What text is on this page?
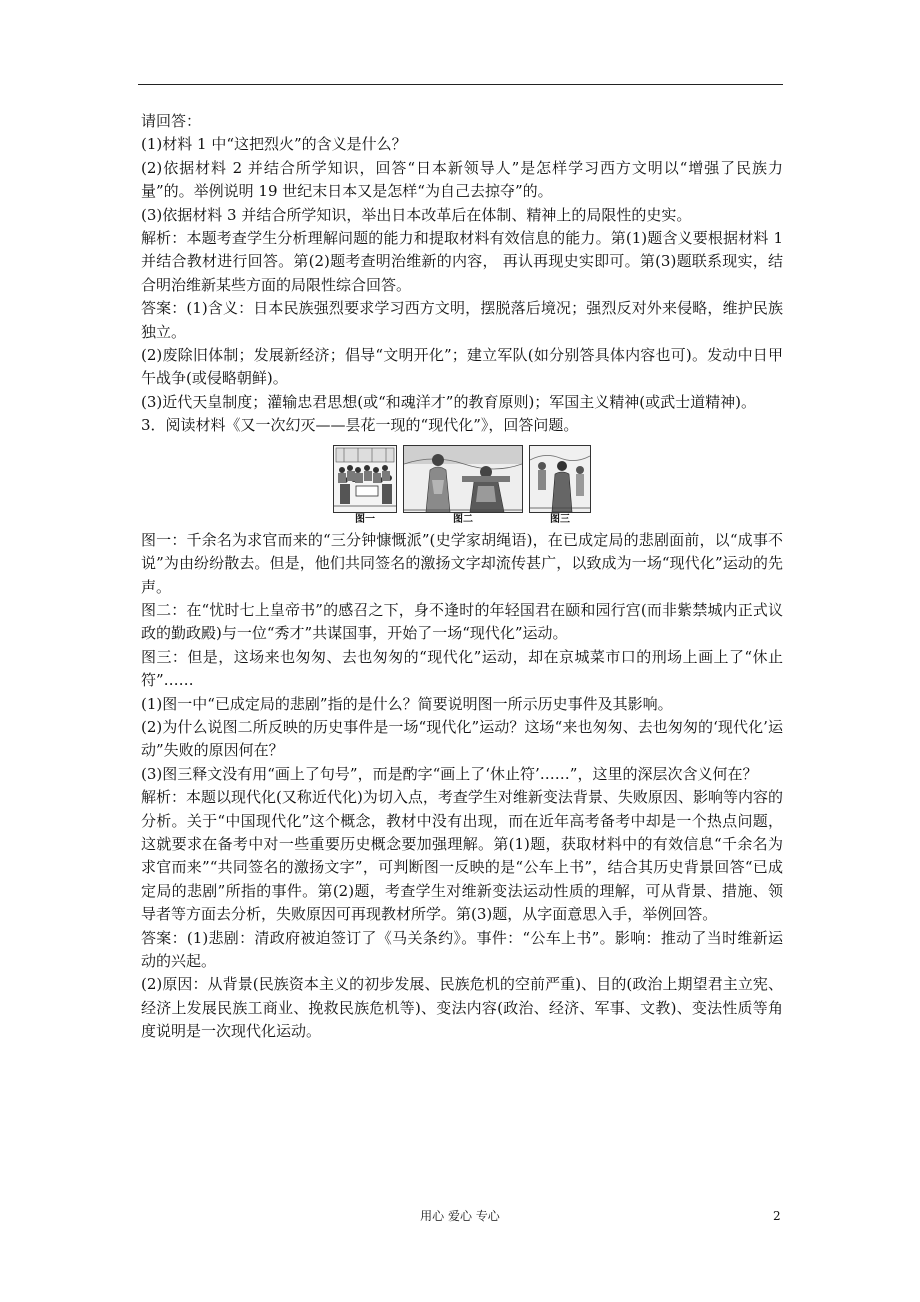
请回答：

(1)材料 1 中“这把烈火”的含义是什么？

(2)依据材料 2 并结合所学知识，回答“日本新领导人”是怎样学习西方文明以“增强了民族力量”的。举例说明 19 世纪末日本又是怎样“为自己去掠夺”的。

(3)依据材料 3 并结合所学知识，举出日本改革后在体制、精神上的局限性的史实。

解析：本题考查学生分析理解问题的能力和提取材料有效信息的能力。第(1)题含义要根据材料 1 并结合教材进行回答。第(2)题考查明治维新的内容， 再认再现史实即可。第(3)题联系现实，结合明治维新某些方面的局限性综合回答。

答案：(1)含义：日本民族强烈要求学习西方文明，摆脱落后境况；强烈反对外来侵略，维护民族独立。

(2)废除旧体制；发展新经济；倡导“文明开化”；建立军队(如分别答具体内容也可)。发动中日甲午战争(或侵略朝鲜)。

(3)近代天皇制度；灌输忠君思想(或“和魂洋才”的教育原则)；军国主义精神(或武士道精神)。

3．阅读材料《又一次幻灭——昙花一现的“现代化”》，回答问题。

图一	图二	图三

图一：千余名为求官而来的“三分钟慷慨派”(史学家胡绳语)，在已成定局的悲剧面前，以“成事不说”为由纷纷散去。但是，他们共同签名的激扬文字却流传甚广，以致成为一场“现代化”运动的先声。

图二：在“忧时七上皇帝书”的感召之下，身不逢时的年轻国君在颐和园行宫(而非紫禁城内正式议政的勤政殿)与一位“秀才”共谋国事，开始了一场“现代化”运动。

图三：但是，这场来也匆匆、去也匆匆的“现代化”运动，却在京城菜市口的刑场上画上了“休止符”……

(1)图一中“已成定局的悲剧”指的是什么？简要说明图一所示历史事件及其影响。

(2)为什么说图二所反映的历史事件是一场“现代化”运动？这场“来也匆匆、去也匆匆的‘现代化’运动”失败的原因何在？

(3)图三释文没有用“画上了句号”，而是酌字“画上了‘休止符’……”，这里的深层次含义何在？

解析：本题以现代化(又称近代化)为切入点，考查学生对维新变法背景、失败原因、影响等内容的分析。关于“中国现代化”这个概念，教材中没有出现，而在近年高考备考中却是一个热点问题，这就要求在备考中对一些重要历史概念要加强理解。第(1)题，获取材料中的有效信息“千余名为求官而来”“共同签名的激扬文字”，可判断图一反映的是“公车上书”，结合其历史背景回答“已成定局的悲剧”所指的事件。第(2)题，考查学生对维新变法运动性质的理解，可从背景、措施、领导者等方面去分析，失败原因可再现教材所学。第(3)题，从字面意思入手，举例回答。

答案：(1)悲剧：清政府被迫签订了《马关条约》。事件：“公车上书”。影响：推动了当时维新运动的兴起。

(2)原因：从背景(民族资本主义的初步发展、民族危机的空前严重)、目的(政治上期望君主立宪、经济上发展民族工商业、挽救民族危机等)、变法内容(政治、经济、军事、文教)、变法性质等角度说明是一次现代化运动。

用心 爱心 专心	2
